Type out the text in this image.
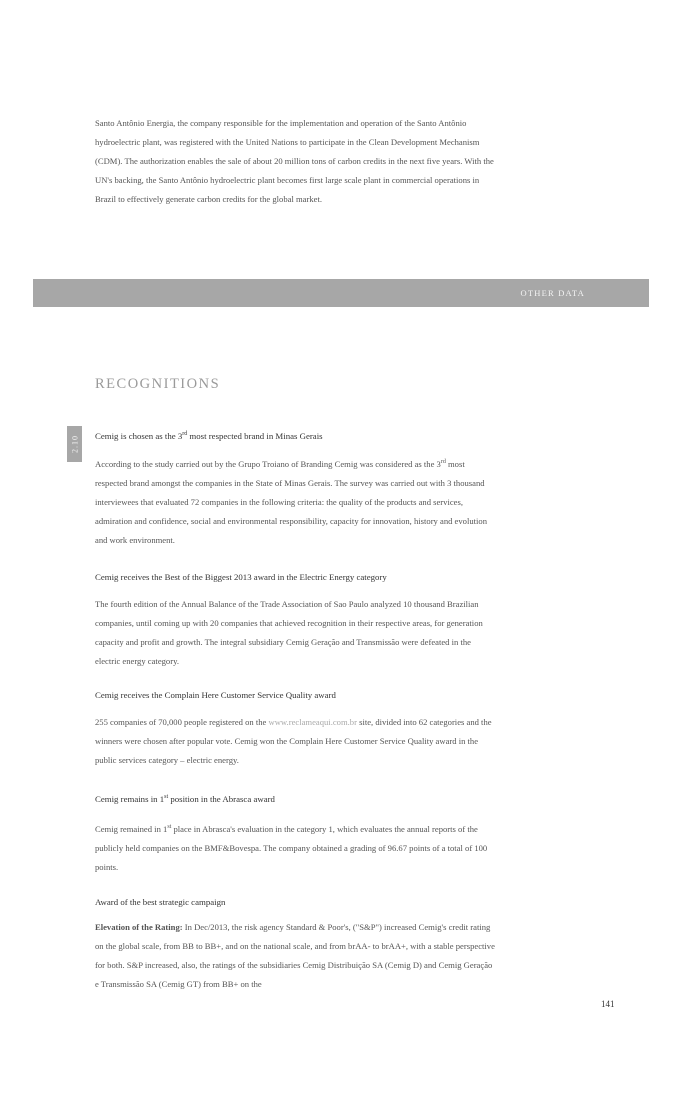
Santo Antônio Energia, the company responsible for the implementation and operation of the Santo Antônio hydroelectric plant, was registered with the United Nations to participate in the Clean Development Mechanism (CDM). The authorization enables the sale of about 20 million tons of carbon credits in the next five years. With the UN's backing, the Santo Antônio hydroelectric plant becomes first large scale plant in commercial operations in Brazil to effectively generate carbon credits for the global market.
OTHER DATA
RECOGNITIONS
2.10 Cemig is chosen as the 3rd most respected brand in Minas Gerais

According to the study carried out by the Grupo Troiano of Branding Cemig was considered as the 3rd most respected brand amongst the companies in the State of Minas Gerais. The survey was carried out with 3 thousand interviewees that evaluated 72 companies in the following criteria: the quality of the products and services, admiration and confidence, social and environmental responsibility, capacity for innovation, history and evolution and work environment.

Cemig receives the Best of the Biggest 2013 award in the Electric Energy category
The fourth edition of the Annual Balance of the Trade Association of Sao Paulo analyzed 10 thousand Brazilian companies, until coming up with 20 companies that achieved recognition in their respective areas, for generation capacity and profit and growth. The integral subsidiary Cemig Geração and Transmissão were defeated in the electric energy category.
Cemig receives the Complain Here Customer Service Quality award

255 companies of 70,000 people registered on the www.reclameaqui.com.br site, divided into 62 categories and the winners were chosen after popular vote. Cemig won the Complain Here Customer Service Quality award in the public services category – electric energy.

Cemig remains in 1st position in the Abrasca award

Cemig remained in 1st place in Abrasca's evaluation in the category 1, which evaluates the annual reports of the publicly held companies on the BMF&Bovespa. The company obtained a grading of 96.67 points of a total of 100 points.

Award of the best strategic campaign

Elevation of the Rating: In Dec/2013, the risk agency Standard & Poor's, ("S&P") increased Cemig's credit rating on the global scale, from BB to BB+, and on the national scale, and from brAA- to brAA+, with a stable perspective for both. S&P increased, also, the ratings of the subsidiaries Cemig Distribuição SA (Cemig D) and Cemig Geração e Transmissão SA (Cemig GT) from BB+ on the

141
